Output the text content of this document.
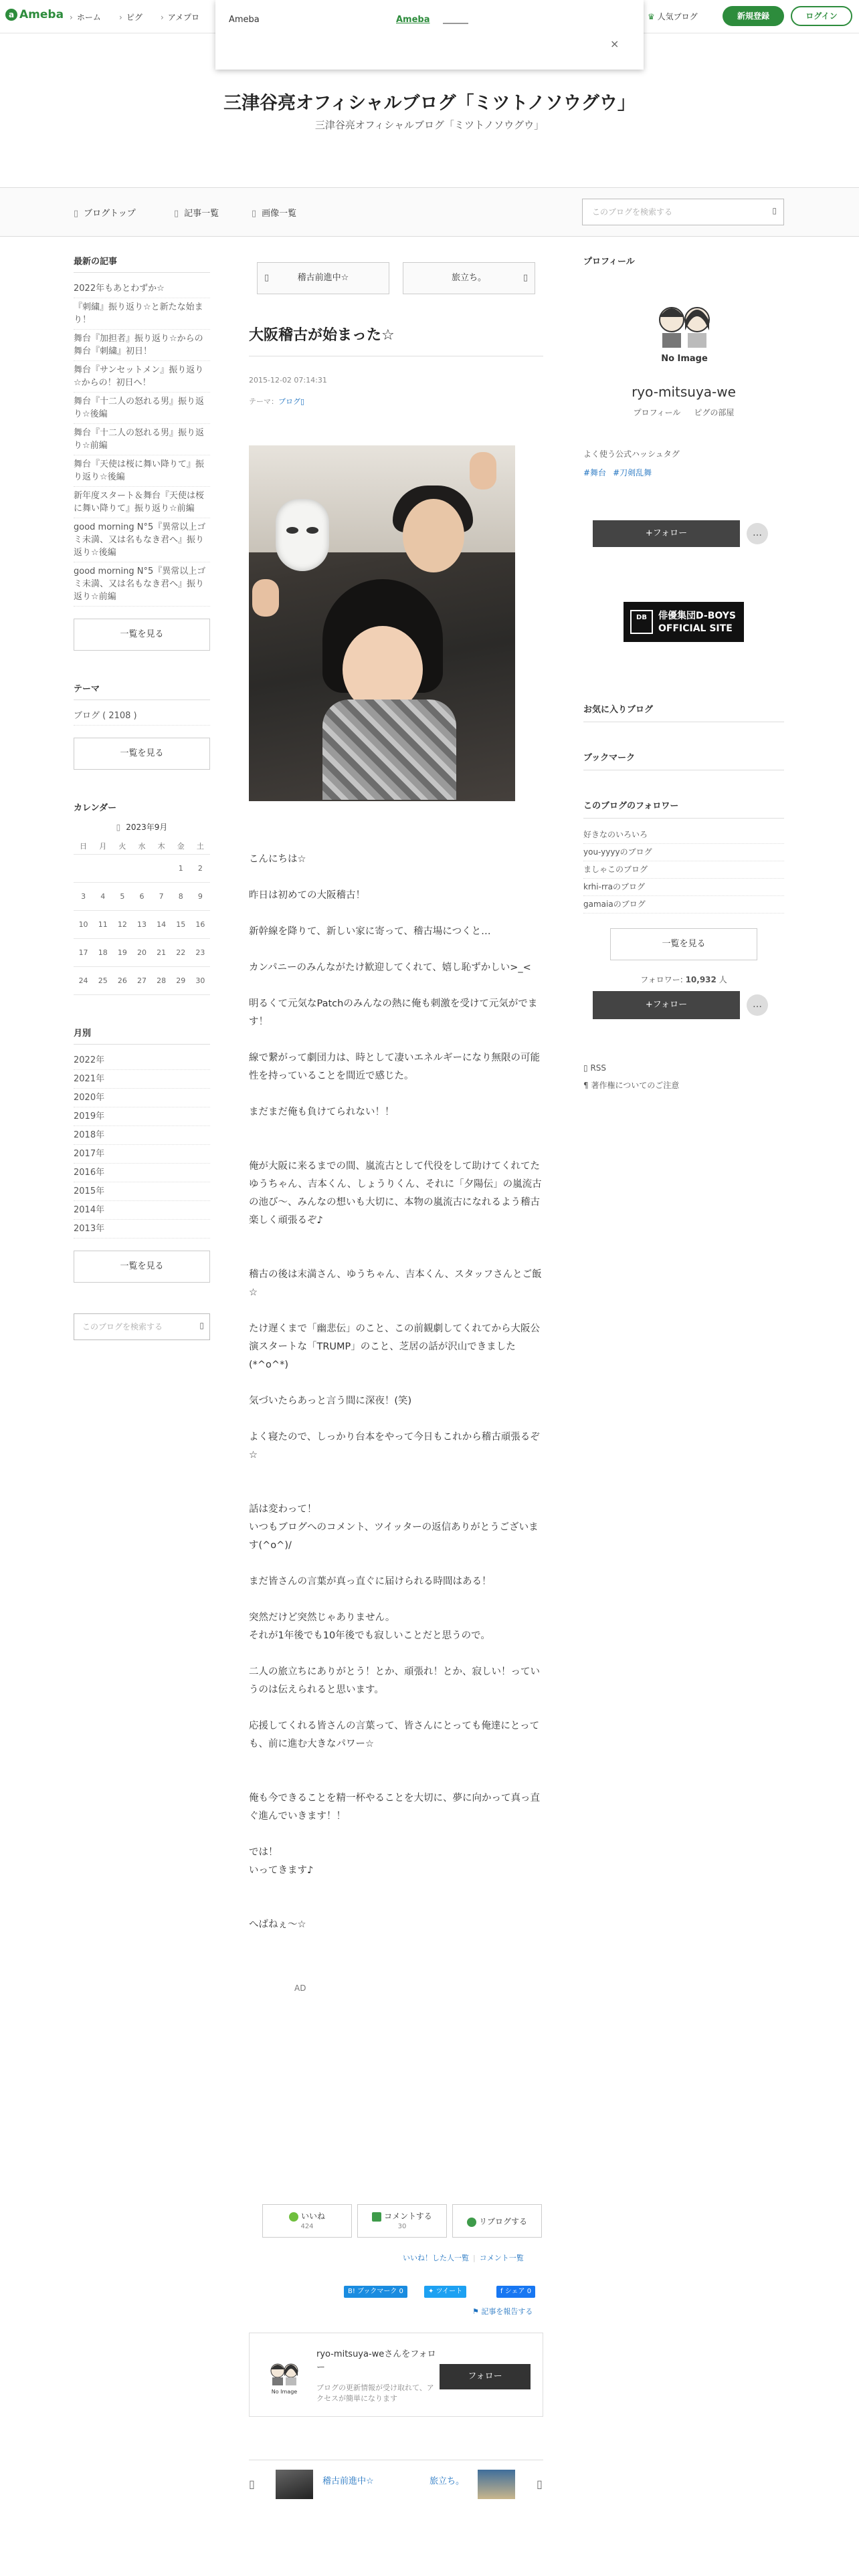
a Ameba › ホーム › ピグ › アメプロ	♛ 人気ブログ	新規登録	ログイン
Ameba	Ameba
×
三津谷亮オフィシャルブログ「ミツトノソウグウ」

三津谷亮オフィシャルブログ「ミツトノソウグウ」

▯ ブログトップ	▯ 記事一覧	▯ 画像一覧	このブログを検索する	▯
最新の記事
2022年もあとわずか☆
『刺繍』振り返り☆と新たな始まり！
舞台『加担者』振り返り☆からの舞台『刺繍』初日！
舞台『サンセットメン』振り返り☆からの！初日へ！
舞台『十二人の怒れる男』振り返り☆後編
舞台『十二人の怒れる男』振り返り☆前編
舞台『天使は桜に舞い降りて』振り返り☆後編
新年度スタート＆舞台『天使は桜に舞い降りて』振り返り☆前編
good morning N°5『異常以上ゴミ未満、又は名もなき君へ』振り返り☆後編
good morning N°5『異常以上ゴミ未満、又は名もなき君へ』振り返り☆前編
一覧を見る
テーマ
ブログ ( 2108 )
一覧を見る
カレンダー
▯ 2023年9月
日	月	火	水	木	金	土
					1	2
3	4	5	6	7	8	9
10	11	12	13	14	15	16
17	18	19	20	21	22	23
24	25	26	27	28	29	30
月別
2022年
2021年
2020年
2019年
2018年
2017年
2016年
2015年
2014年
2013年
一覧を見る
このブログを検索する	▯
▯	稽古前進中☆	旅立ち。	▯
大阪稽古が始まった☆
2015-12-02 07:14:31
テーマ：ブログ▯

こんにちは☆

昨日は初めての大阪稽古！

新幹線を降りて、新しい家に寄って、稽古場につくと…

カンパニーのみんながたけ歓迎してくれて、嬉し恥ずかしい>_<

明るくて元気なPatchのみんなの熱に俺も刺激を受けて元気がでます！

線で繋がって劇団力は、時として凄いエネルギーになり無限の可能性を持っていることを間近で感じた。

まだまだ俺も負けてられない！！

俺が大阪に来るまでの間、嵐流古として代役をして助けてくれてたゆうちゃん、吉本くん、しょうりくん、それに「夕陽伝」の嵐流古の池び〜、みんなの想いも大切に、本物の嵐流古になれるよう稽古楽しく頑張るぞ♪

稽古の後は末満さん、ゆうちゃん、吉本くん、スタッフさんとご飯☆

たけ遅くまで「幽悲伝」のこと、この前観劇してくれてから大阪公演スタートな「TRUMP」のこと、芝居の話が沢山できました(*^o^*)

気づいたらあっと言う間に深夜！(笑)

よく寝たので、しっかり台本をやって今日もこれから稽古頑張るぞ☆

話は変わって！
いつもブログへのコメント、ツイッターの返信ありがとうございます(^o^)/

まだ皆さんの言葉が真っ直ぐに届けられる時間はある！

突然だけど突然じゃありません。
それが1年後でも10年後でも寂しいことだと思うので。

二人の旅立ちにありがとう！とか、頑張れ！とか、寂しい！っていうのは伝えられると思います。

応援してくれる皆さんの言葉って、皆さんにとっても俺達にとっても、前に進む大きなパワー☆

俺も今できることを精一杯やることを大切に、夢に向かって真っ直ぐ進んでいきます！！

では！
いってきます♪

へばねぇ〜☆

AD
いいね
424
コメントする
30
リブログする
いいね！した人一覧 | コメント一覧
B! ブックマーク 0	✦ ツイート	f シェア 0
⚑ 記事を報告する
No Image
ryo-mitsuya-weさんをフォロー
ブログの更新情報が受け取れて、アクセスが簡単になります
フォロー
▯	稽古前進中☆	旅立ち。	▯
プロフィール
No Image
ryo-mitsuya-we
プロフィール ピグの部屋
よく使う公式ハッシュタグ
#舞台 #刀剣乱舞
+フォロー	…
DB	俳優集団D-BOYS
OFFICIAL SITE
お気に入りブログ
ブックマーク
このブログのフォロワー
好きなのいろいろ
you-yyyyのブログ
ましゃこのブログ
krhi-rraのブログ
gamaiaのブログ
一覧を見る
フォロワー: 10,932 人
+フォロー	…
▯ RSS
¶ 著作権についてのご注意
